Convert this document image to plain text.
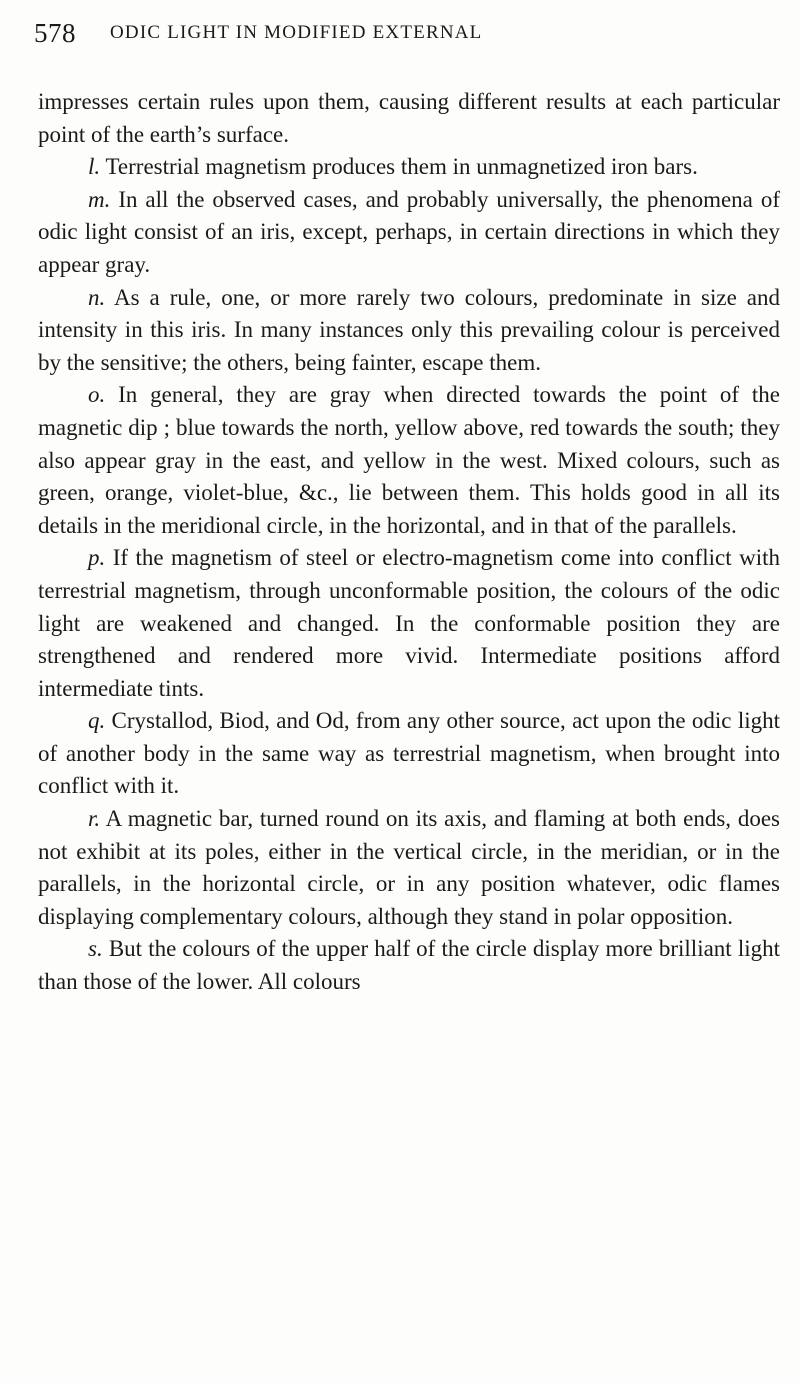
578 ODIC LIGHT IN MODIFIED EXTERNAL

impresses certain rules upon them, causing different results at each particular point of the earth’s surface.

l. Terrestrial magnetism produces them in unmagnetized iron bars.

m. In all the observed cases, and probably universally, the phenomena of odic light consist of an iris, except, perhaps, in certain directions in which they appear gray.

n. As a rule, one, or more rarely two colours, predominate in size and intensity in this iris. In many instances only this prevailing colour is perceived by the sensitive; the others, being fainter, escape them.

o. In general, they are gray when directed towards the point of the magnetic dip ; blue towards the north, yellow above, red towards the south; they also appear gray in the east, and yellow in the west. Mixed colours, such as green, orange, violet-blue, &c., lie between them. This holds good in all its details in the meridional circle, in the horizontal, and in that of the parallels.

p. If the magnetism of steel or electro-magnetism come into conflict with terrestrial magnetism, through unconformable position, the colours of the odic light are weakened and changed. In the conformable position they are strengthened and rendered more vivid. Intermediate positions afford intermediate tints.

q. Crystallod, Biod, and Od, from any other source, act upon the odic light of another body in the same way as terrestrial magnetism, when brought into conflict with it.

r. A magnetic bar, turned round on its axis, and flaming at both ends, does not exhibit at its poles, either in the vertical circle, in the meridian, or in the parallels, in the horizontal circle, or in any position whatever, odic flames displaying complementary colours, although they stand in polar opposition.

s. But the colours of the upper half of the circle display more brilliant light than those of the lower. All colours
